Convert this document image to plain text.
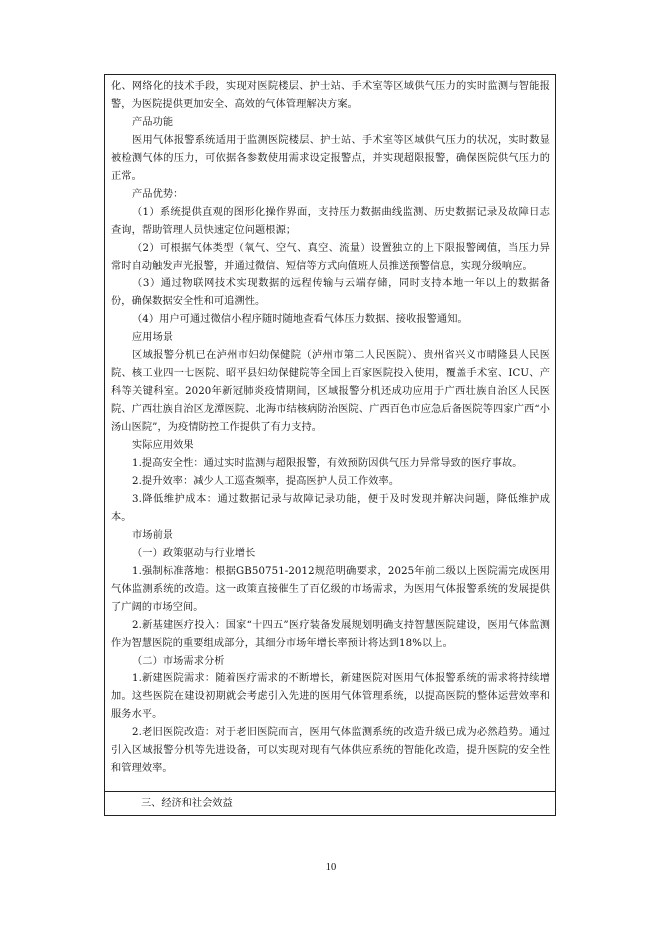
化、网络化的技术手段，实现对医院楼层、护士站、手术室等区域供气压力的实时监测与智能报警，为医院提供更加安全、高效的气体管理解决方案。

产品功能

医用气体报警系统适用于监测医院楼层、护士站、手术室等区域供气压力的状况，实时数显被检测气体的压力，可依据各参数使用需求设定报警点，并实现超限报警，确保医院供气压力的正常。

产品优势：

（1）系统提供直观的图形化操作界面，支持压力数据曲线监测、历史数据记录及故障日志查询，帮助管理人员快速定位问题根源；

（2）可根据气体类型（氧气、空气、真空、流量）设置独立的上下限报警阈值，当压力异常时自动触发声光报警，并通过微信、短信等方式向值班人员推送预警信息，实现分级响应。

（3）通过物联网技术实现数据的远程传输与云端存储，同时支持本地一年以上的数据备份，确保数据安全性和可追溯性。

（4）用户可通过微信小程序随时随地查看气体压力数据、接收报警通知。

应用场景

区域报警分机已在泸州市妇幼保健院（泸州市第二人民医院）、贵州省兴义市晴隆县人民医院、核工业四一七医院、昭平县妇幼保健院等全国上百家医院投入使用，覆盖手术室、ICU、产科等关键科室。2020年新冠肺炎疫情期间，区域报警分机还成功应用于广西壮族自治区人民医院、广西壮族自治区龙潭医院、北海市结核病防治医院、广西百色市应急后备医院等四家广西“小汤山医院”，为疫情防控工作提供了有力支持。

实际应用效果

1.提高安全性：通过实时监测与超限报警，有效预防因供气压力异常导致的医疗事故。

2.提升效率：减少人工巡查频率，提高医护人员工作效率。

3.降低维护成本：通过数据记录与故障记录功能，便于及时发现并解决问题，降低维护成本。

市场前景

（一）政策驱动与行业增长

1.强制标准落地：根据GB50751-2012规范明确要求，2025年前二级以上医院需完成医用气体监测系统的改造。这一政策直接催生了百亿级的市场需求，为医用气体报警系统的发展提供了广阔的市场空间。

2.新基建医疗投入：国家“十四五”医疗装备发展规划明确支持智慧医院建设，医用气体监测作为智慧医院的重要组成部分，其细分市场年增长率预计将达到18%以上。

（二）市场需求分析

1.新建医院需求：随着医疗需求的不断增长，新建医院对医用气体报警系统的需求将持续增加。这些医院在建设初期就会考虑引入先进的医用气体管理系统，以提高医院的整体运营效率和服务水平。

2.老旧医院改造：对于老旧医院而言，医用气体监测系统的改造升级已成为必然趋势。通过引入区域报警分机等先进设备，可以实现对现有气体供应系统的智能化改造，提升医院的安全性和管理效率。

三、经济和社会效益

10
